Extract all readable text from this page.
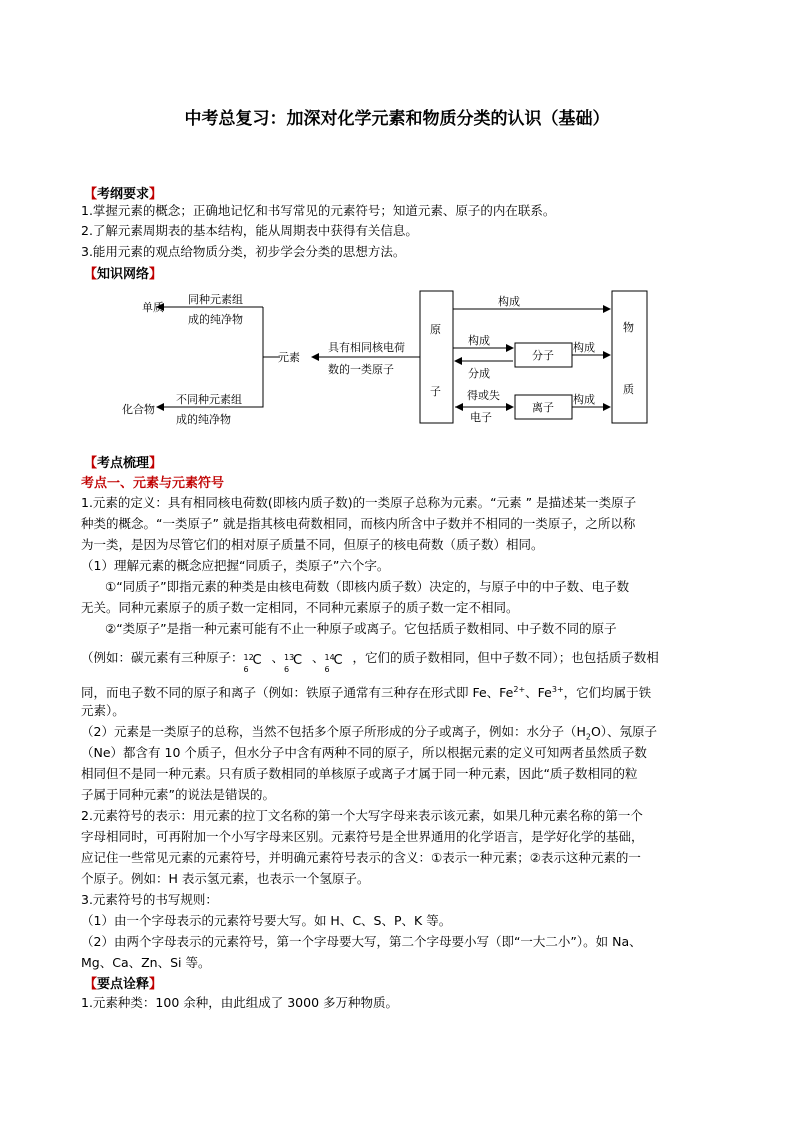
中考总复习：加深对化学元素和物质分类的认识（基础）
【考纲要求】
1.掌握元素的概念；正确地记忆和书写常见的元素符号；知道元素、原子的内在联系。
2.了解元素周期表的基本结构，能从周期表中获得有关信息。
3.能用元素的观点给物质分类，初步学会分类的思想方法。
【知识网络】
单质
化合物
同种元素组
成的纯净物
不同种元素组
成的纯净物
元素
具有相同核电荷
数的一类原子
原
子
物
质
构成
分子
构成
分成
构成
离子
得或失
电子
构成
【考点梳理】
考点一、元素与元素符号
1.元素的定义：具有相同核电荷数(即核内质子数)的一类原子总称为元素。“元素 ” 是描述某一类原子
种类的概念。“一类原子” 就是指其核电荷数相同，而核内所含中子数并不相同的一类原子，之所以称
为一类，是因为尽管它们的相对原子质量不同，但原子的核电荷数（质子数）相同。
（1）理解元素的概念应把握“同质子，类原子”六个字。
①“同质子”即指元素的种类是由核电荷数（即核内质子数）决定的，与原子中的中子数、电子数
无关。同种元素原子的质子数一定相同，不同种元素原子的质子数一定不相同。
②“类原子”是指一种元素可能有不止一种原子或离子。它包括质子数相同、中子数不同的原子
（例如：碳元素有三种原子： 12
6
C 、 13
6
C 、 14
6
C ，它们的质子数相同，但中子数不同）；也包括质子数相
同，而电子数不同的原子和离子（例如：铁原子通常有三种存在形式即 Fe、$Fe^{2+}$、$Fe^{3+}$，它们均属于铁
元素）。
（2）元素是一类原子的总称，当然不包括多个原子所形成的分子或离子，例如：水分子$(H_2O)$、氖原子
（Ne）都含有 10 个质子，但水分子中含有两种不同的原子，所以根据元素的定义可知两者虽然质子数
相同但不是同一种元素。只有质子数相同的单核原子或离子才属于同一种元素，因此“质子数相同的粒
子属于同种元素”的说法是错误的。
2.元素符号的表示：用元素的拉丁文名称的第一个大写字母来表示该元素，如果几种元素名称的第一个
字母相同时，可再附加一个小写字母来区别。元素符号是全世界通用的化学语言，是学好化学的基础，
应记住一些常见元素的元素符号，并明确元素符号表示的含义：①表示一种元素；②表示这种元素的一
个原子。例如：H 表示氢元素，也表示一个氢原子。
3.元素符号的书写规则：
（1）由一个字母表示的元素符号要大写。如 H、C、S、P、K 等。
（2）由两个字母表示的元素符号，第一个字母要大写，第二个字母要小写（即“一大二小”）。如 Na、
Mg、Ca、Zn、Si 等。
【要点诠释】
1.元素种类：100 余种，由此组成了 3000 多万种物质。
